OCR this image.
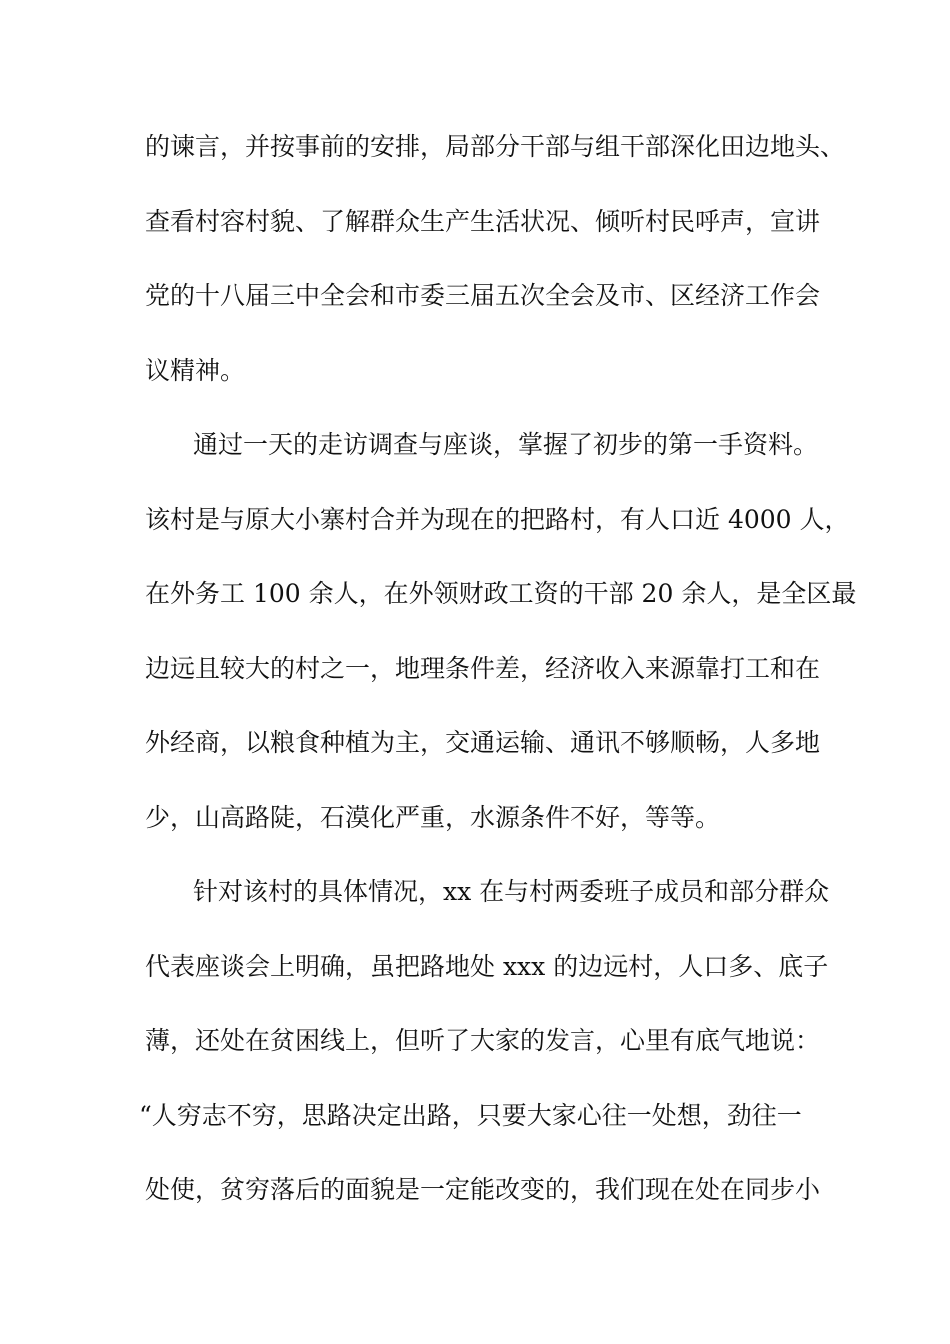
的谏言，并按事前的安排，局部分干部与组干部深化田边地头、
查看村容村貌、了解群众生产生活状况、倾听村民呼声，宣讲
党的十八届三中全会和市委三届五次全会及市、区经济工作会
议精神。
通过一天的走访调查与座谈，掌握了初步的第一手资料。
该村是与原大小寨村合并为现在的把路村，有人口近 4000 人，
在外务工 100 余人，在外领财政工资的干部 20 余人，是全区最
边远且较大的村之一，地理条件差，经济收入来源靠打工和在
外经商，以粮食种植为主，交通运输、通讯不够顺畅，人多地
少，山高路陡，石漠化严重，水源条件不好，等等。
针对该村的具体情况，xx 在与村两委班子成员和部分群众
代表座谈会上明确，虽把路地处 xxx 的边远村，人口多、底子
薄，还处在贫困线上，但听了大家的发言，心里有底气地说：
“人穷志不穷，思路决定出路，只要大家心往一处想，劲往一
处使，贫穷落后的面貌是一定能改变的，我们现在处在同步小
